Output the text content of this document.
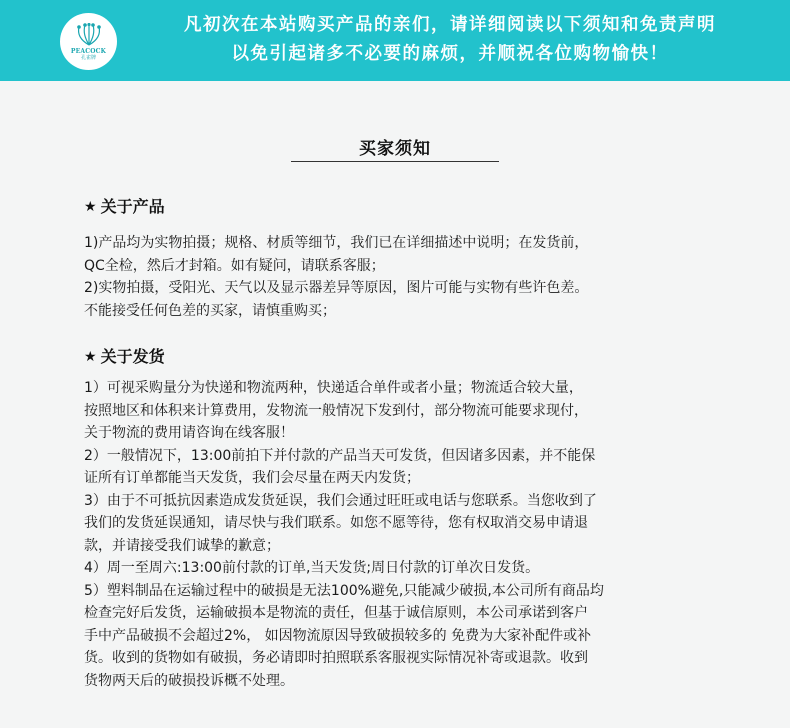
PEACOCK
孔雀牌
凡初次在本站购买产品的亲们，请详细阅读以下须知和免责声明
以免引起诸多不必要的麻烦，并顺祝各位购物愉快！
买家须知
★ 关于产品

1)产品均为实物拍摄；规格、材质等细节，我们已在详细描述中说明；在发货前，

QC全检，然后才封箱。如有疑问，请联系客服；

2)实物拍摄，受阳光、天气以及显示器差异等原因，图片可能与实物有些许色差。

不能接受任何色差的买家，请慎重购买；

★ 关于发货

1）可视采购量分为快递和物流两种，快递适合单件或者小量；物流适合较大量，

按照地区和体积来计算费用，发物流一般情况下发到付，部分物流可能要求现付，

关于物流的费用请咨询在线客服！

2）一般情况下，13:00前拍下并付款的产品当天可发货，但因诸多因素，并不能保

证所有订单都能当天发货，我们会尽量在两天内发货；

3）由于不可抵抗因素造成发货延误，我们会通过旺旺或电话与您联系。当您收到了

我们的发货延误通知，请尽快与我们联系。如您不愿等待，您有权取消交易申请退

款，并请接受我们诚挚的歉意；

4）周一至周六:13:00前付款的订单,当天发货;周日付款的订单次日发货。

5）塑料制品在运输过程中的破损是无法100%避免,只能减少破损,本公司所有商品均

检查完好后发货，运输破损本是物流的责任，但基于诚信原则，本公司承诺到客户

手中产品破损不会超过2%， 如因物流原因导致破损较多的 免费为大家补配件或补

货。收到的货物如有破损，务必请即时拍照联系客服视实际情况补寄或退款。收到

货物两天后的破损投诉概不处理。
